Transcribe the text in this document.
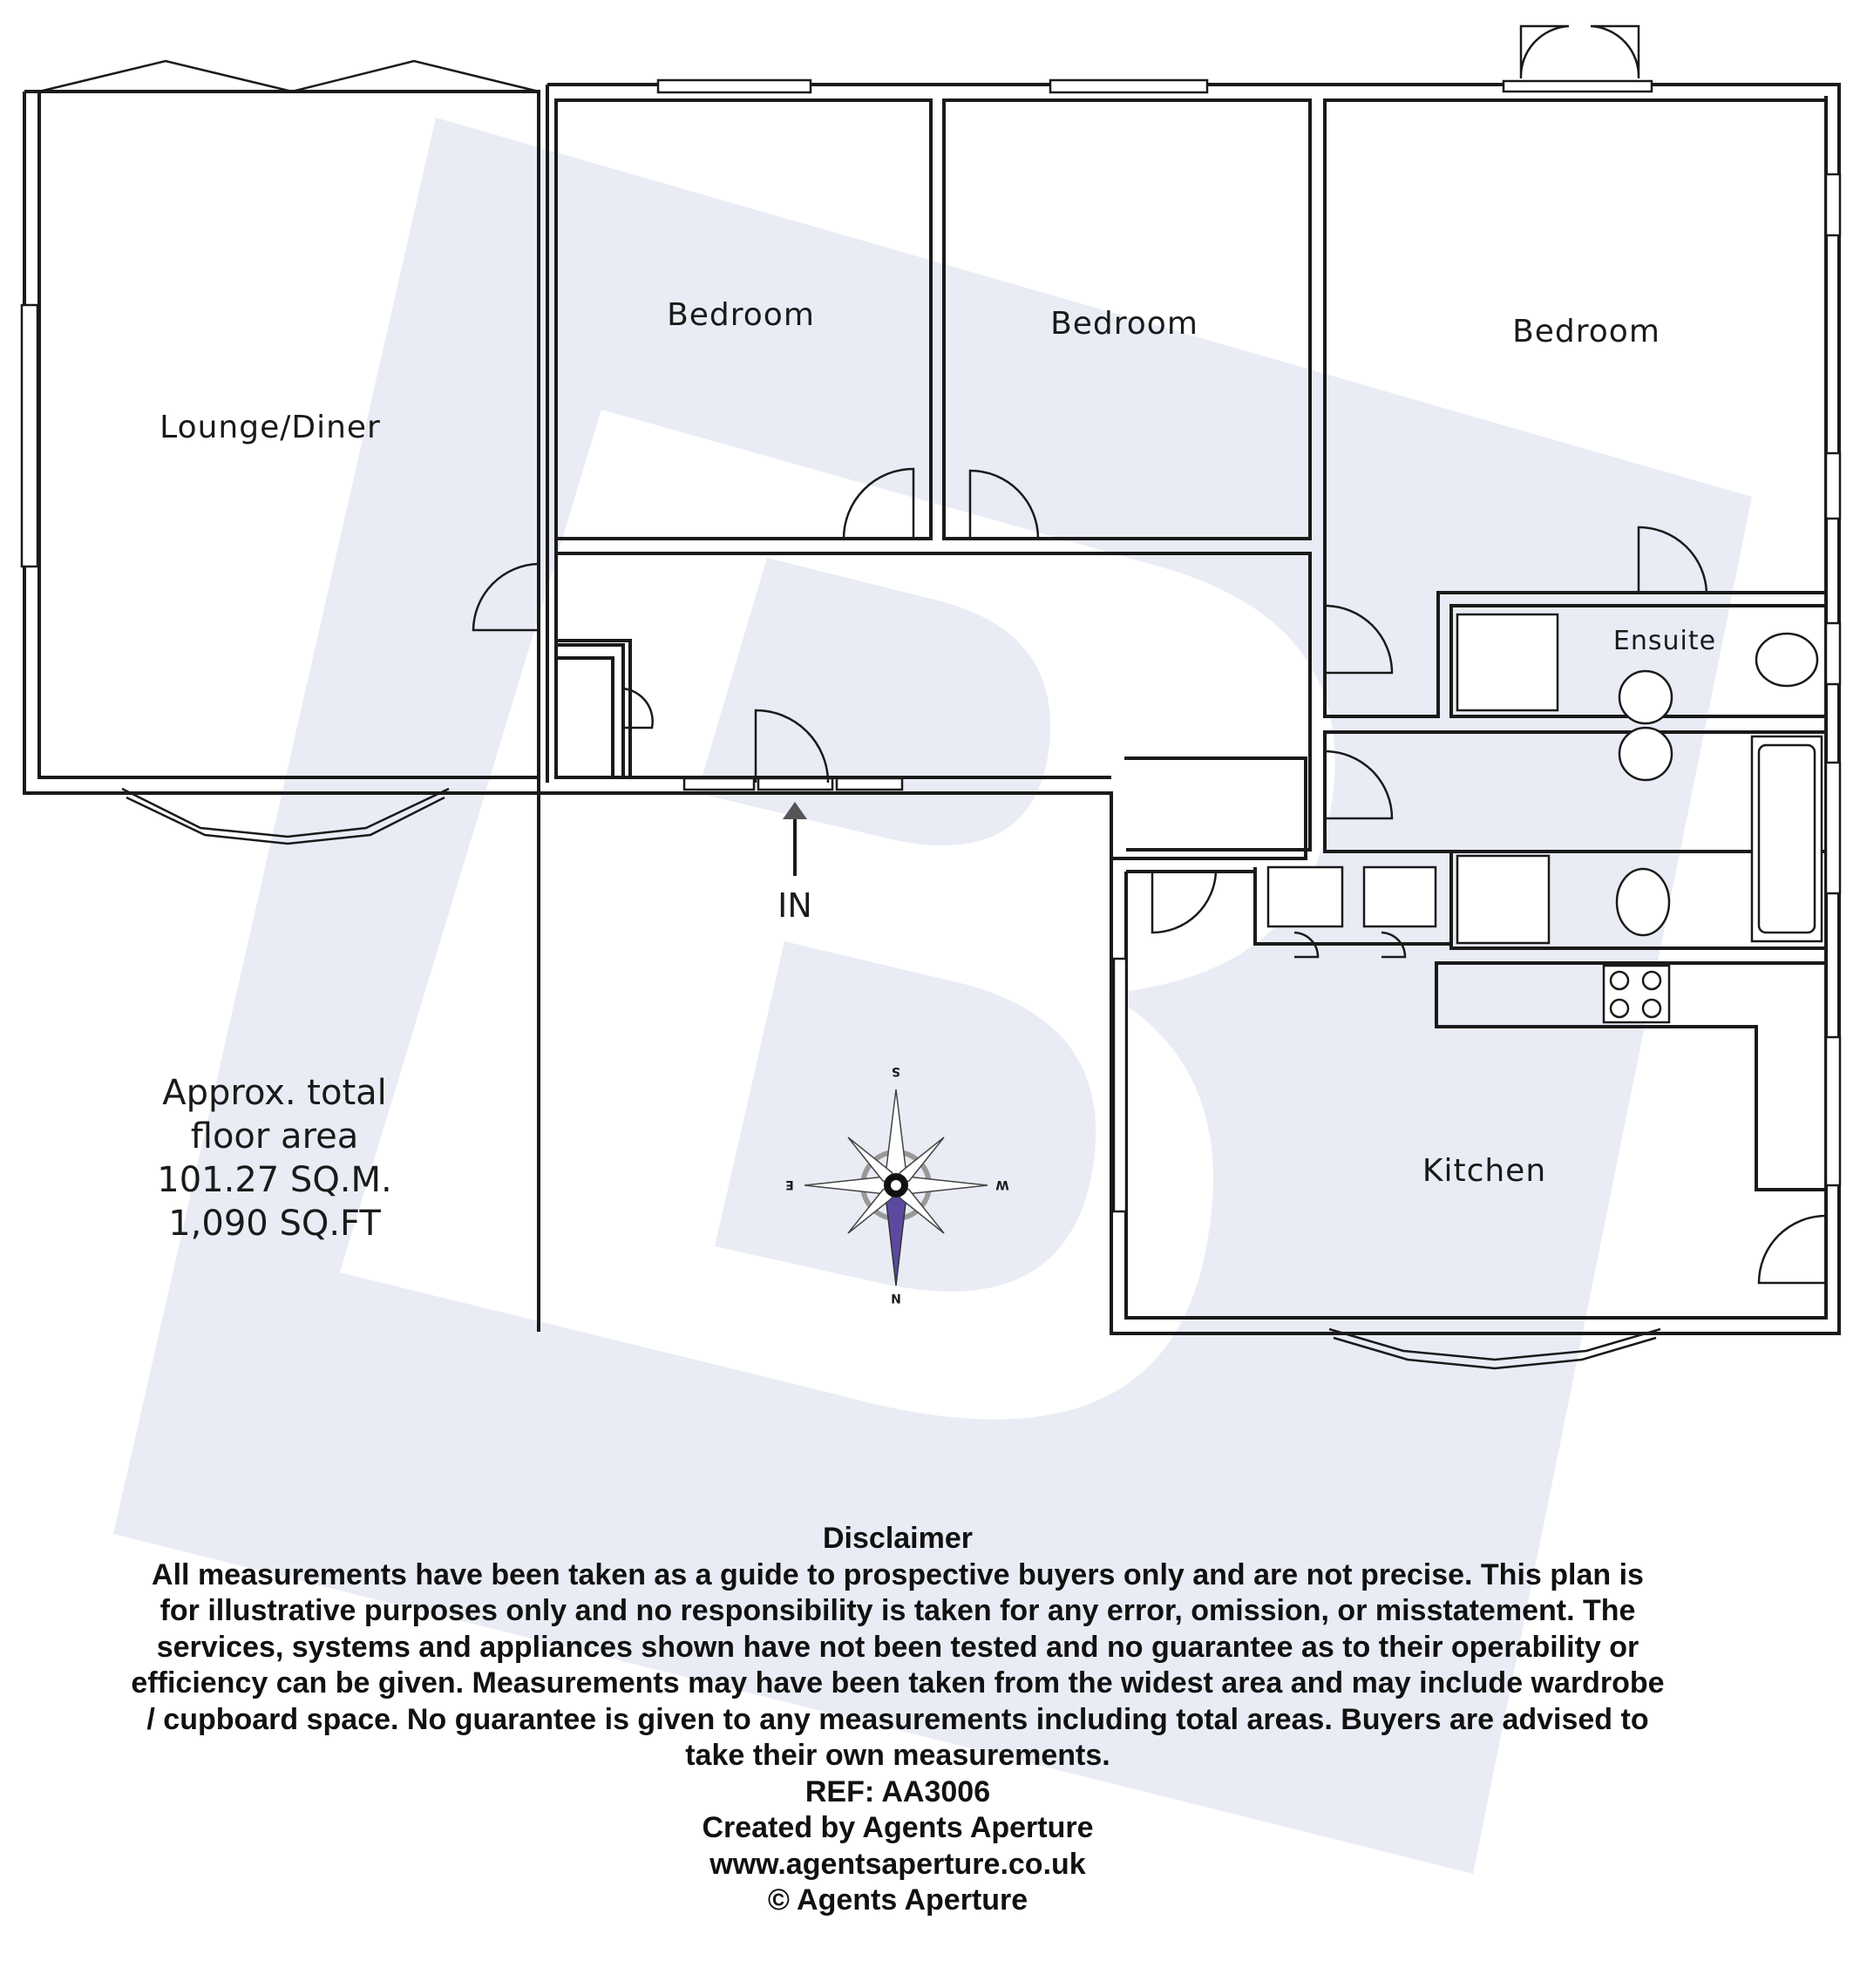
S
N
E	W
Lounge/Diner
Bedroom	Bedroom	Bedroom
Ensuite
Kitchen
IN
Approx. total
floor area
101.27 SQ.M.
1,090 SQ.FT
Disclaimer
All measurements have been taken as a guide to prospective buyers only and are not precise. This plan is
for illustrative purposes only and no responsibility is taken for any error, omission, or misstatement. The
services, systems and appliances shown have not been tested and no guarantee as to their operability or
efficiency can be given. Measurements may have been taken from the widest area and may include wardrobe
/ cupboard space. No guarantee is given to any measurements including total areas. Buyers are advised to
take their own measurements.
REF: AA3006
Created by Agents Aperture
www.agentsaperture.co.uk
© Agents Aperture
